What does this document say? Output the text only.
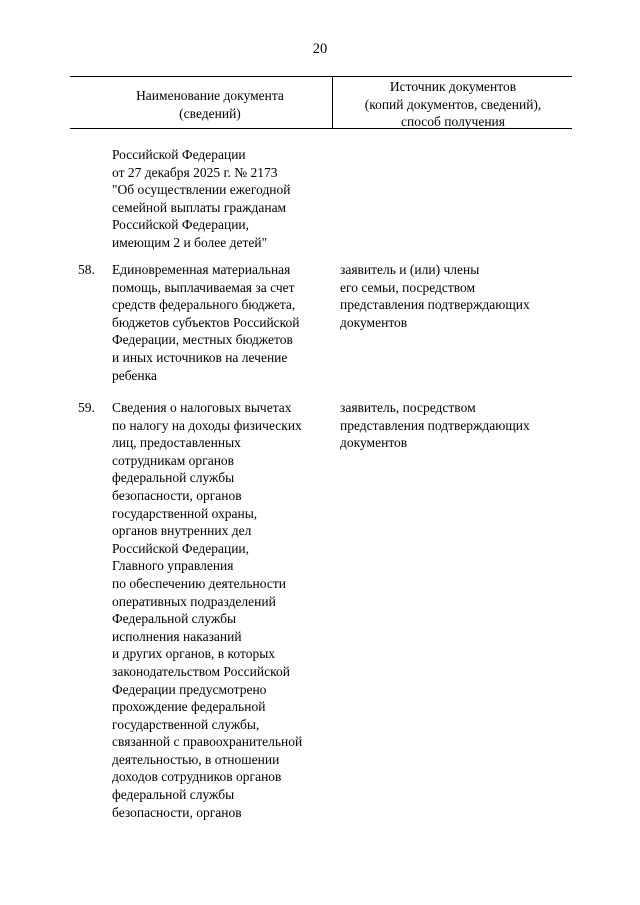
20
Наименование документа
(сведений)
Источник документов
(копий документов, сведений),
способ получения
Российской Федерации
от 27 декабря 2025 г. № 2173
"Об осуществлении ежегодной
семейной выплаты гражданам
Российской Федерации,
имеющим 2 и более детей"
58.	Единовременная материальная
помощь, выплачиваемая за счет
средств федерального бюджета,
бюджетов субъектов Российской
Федерации, местных бюджетов
и иных источников на лечение
ребенка
заявитель и (или) члены
его семьи, посредством
представления подтверждающих
документов
59.	Сведения о налоговых вычетах
по налогу на доходы физических
лиц, предоставленных
сотрудникам органов
федеральной службы
безопасности, органов
государственной охраны,
органов внутренних дел
Российской Федерации,
Главного управления
по обеспечению деятельности
оперативных подразделений
Федеральной службы
исполнения наказаний
и других органов, в которых
законодательством Российской
Федерации предусмотрено
прохождение федеральной
государственной службы,
связанной с правоохранительной
деятельностью, в отношении
доходов сотрудников органов
федеральной службы
безопасности, органов
заявитель, посредством
представления подтверждающих
документов
